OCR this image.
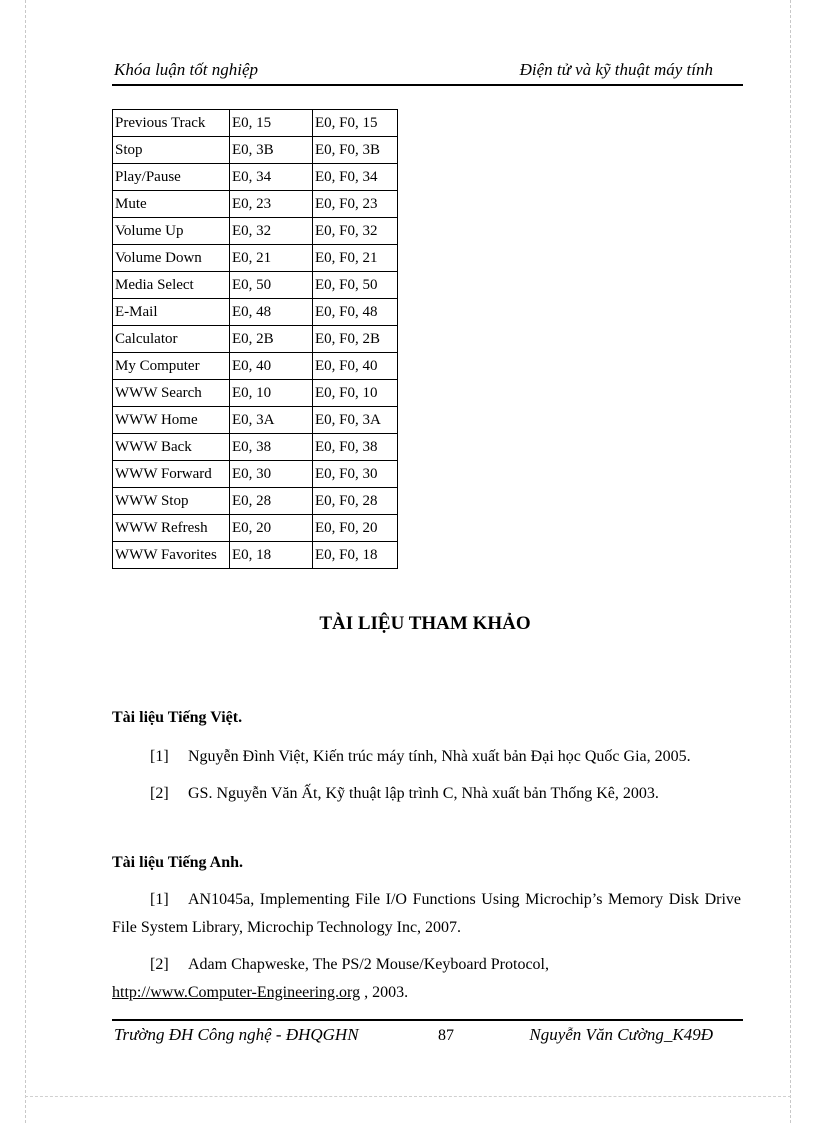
Khóa luận tốt nghiệp	Điện tử và kỹ thuật máy tính
Previous Track	E0, 15	E0, F0, 15
Stop	E0, 3B	E0, F0, 3B
Play/Pause	E0, 34	E0, F0, 34
Mute	E0, 23	E0, F0, 23
Volume Up	E0, 32	E0, F0, 32
Volume Down	E0, 21	E0, F0, 21
Media Select	E0, 50	E0, F0, 50
E-Mail	E0, 48	E0, F0, 48
Calculator	E0, 2B	E0, F0, 2B
My Computer	E0, 40	E0, F0, 40
WWW Search	E0, 10	E0, F0, 10
WWW Home	E0, 3A	E0, F0, 3A
WWW Back	E0, 38	E0, F0, 38
WWW Forward	E0, 30	E0, F0, 30
WWW Stop	E0, 28	E0, F0, 28
WWW Refresh	E0, 20	E0, F0, 20
WWW Favorites	E0, 18	E0, F0, 18
TÀI LIỆU THAM KHẢO
Tài liệu Tiếng Việt.
[1] Nguyễn Đình Việt, Kiến trúc máy tính, Nhà xuất bản Đại học Quốc Gia, 2005.
[2] GS. Nguyễn Văn Ất, Kỹ thuật lập trình C, Nhà xuất bản Thống Kê, 2003.
Tài liệu Tiếng Anh.
[1] AN1045a, Implementing File I/O Functions Using Microchip’s Memory Disk Drive File System Library, Microchip Technology Inc, 2007.
[2] Adam Chapweske, The PS/2 Mouse/Keyboard Protocol,
http://www.Computer-Engineering.org , 2003.
Trường ĐH Công nghệ - ĐHQGHN	87	Nguyễn Văn Cường_K49Đ
